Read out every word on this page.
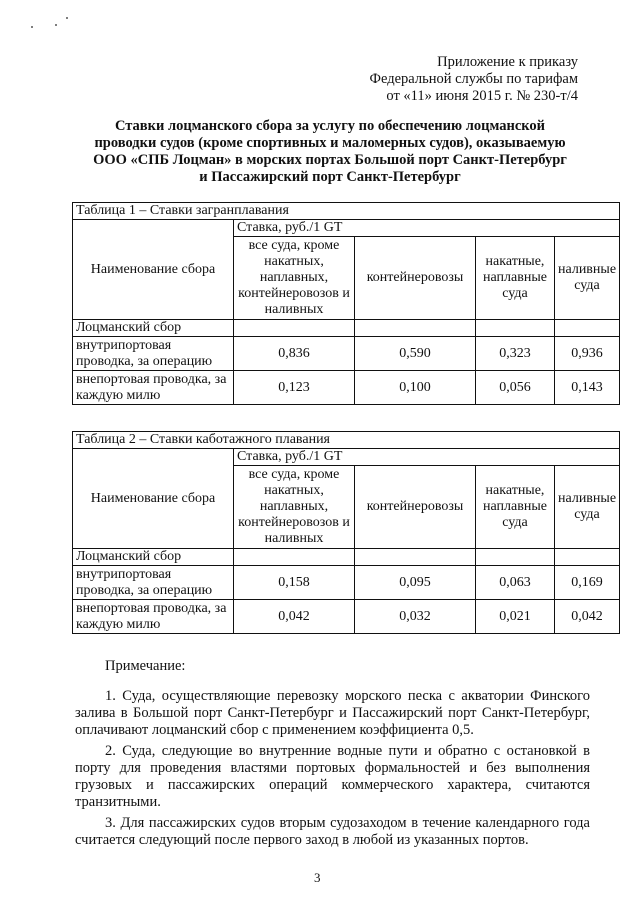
Приложение к приказу
Федеральной службы по тарифам
от «11» июня 2015 г. № 230-т/4
Ставки лоцманского сбора за услугу по обеспечению лоцманской
проводки судов (кроме спортивных и маломерных судов), оказываемую
ООО «СПБ Лоцман» в морских портах Большой порт Санкт-Петербург
и Пассажирский порт Санкт-Петербург
Таблица 1 – Ставки загранплавания				
Наименование сбора	Ставка, руб./1 GT			
	все суда, кроме накатных, наплавных, контейнеровозов и наливных	контейнеровозы	накатные, наплавные суда	наливные суда
Лоцманский сбор				
внутрипортовая проводка, за операцию	0,836	0,590	0,323	0,936
внепортовая проводка, за каждую милю	0,123	0,100	0,056	0,143
Таблица 2 – Ставки каботажного плавания				
Наименование сбора	Ставка, руб./1 GT			
	все суда, кроме накатных, наплавных, контейнеровозов и наливных	контейнеровозы	накатные, наплавные суда	наливные суда
Лоцманский сбор				
внутрипортовая проводка, за операцию	0,158	0,095	0,063	0,169
внепортовая проводка, за каждую милю	0,042	0,032	0,021	0,042
Примечание:

1. Суда, осуществляющие перевозку морского песка с акватории Финского залива в Большой порт Санкт-Петербург и Пассажирский порт Санкт-Петербург, оплачивают лоцманский сбор с применением коэффициента 0,5.

2. Суда, следующие во внутренние водные пути и обратно с остановкой в порту для проведения властями портовых формальностей и без выполнения грузовых и пассажирских операций коммерческого характера, считаются транзитными.

3. Для пассажирских судов вторым судозаходом в течение календарного года считается следующий после первого заход в любой из указанных портов.

3
